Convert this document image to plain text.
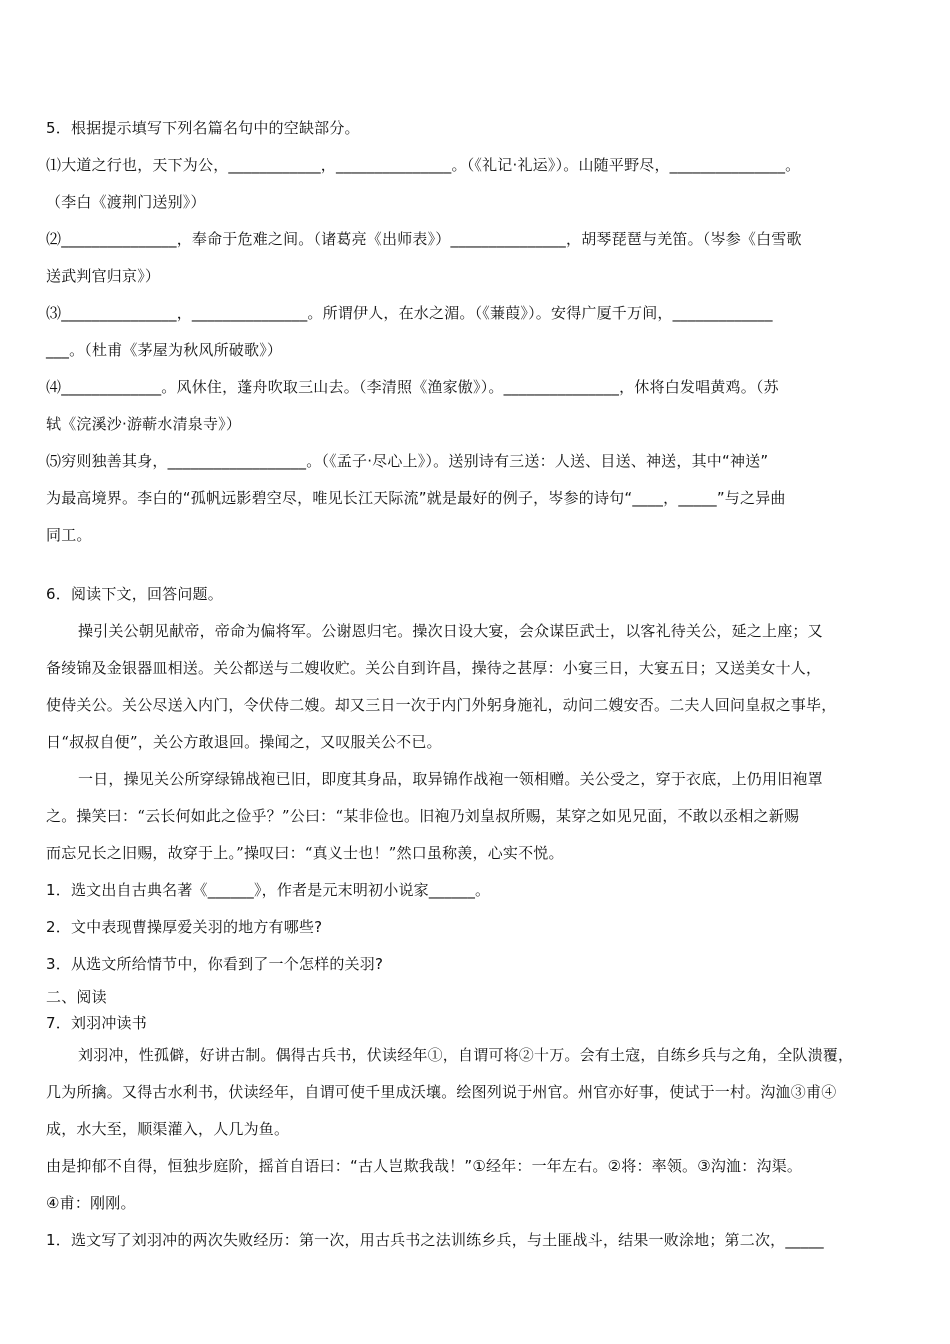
5．根据提示填写下列名篇名句中的空缺部分。

⑴大道之行也，天下为公，____________，_______________。（《礼记·礼运》）。山随平野尽，_______________。

（李白《渡荆门送别》）

⑵_______________，奉命于危难之间。（诸葛亮《出师表》）_______________，胡琴琵琶与羌笛。（岑参《白雪歌

送武判官归京》）

⑶_______________，_______________。所谓伊人，在水之湄。（《蒹葭》）。安得广厦千万间，_____________

___。（杜甫《茅屋为秋风所破歌》）

⑷_____________。风休住，蓬舟吹取三山去。（李清照《渔家傲》）。_______________，休将白发唱黄鸡。（苏

轼《浣溪沙·游蕲水清泉寺》）

⑸穷则独善其身，__________________。（《孟子·尽心上》）。送别诗有三送：人送、目送、神送，其中“神送”

为最高境界。李白的“孤帆远影碧空尽，唯见长江天际流”就是最好的例子，岑参的诗句“____，_____”与之异曲

同工。

6．阅读下文，回答问题。

操引关公朝见献帝，帝命为偏将军。公谢恩归宅。操次日设大宴，会众谋臣武士，以客礼待关公，延之上座；又

备绫锦及金银器皿相送。关公都送与二嫂收贮。关公自到许昌，操待之甚厚：小宴三日，大宴五日；又送美女十人，

使侍关公。关公尽送入内门，令伏侍二嫂。却又三日一次于内门外躬身施礼，动问二嫂安否。二夫人回问皇叔之事毕，

日“叔叔自便”，关公方敢退回。操闻之，又叹服关公不已。

一日，操见关公所穿绿锦战袍已旧，即度其身品，取异锦作战袍一领相赠。关公受之，穿于衣底，上仍用旧袍罩

之。操笑曰：“云长何如此之俭乎？”公曰：“某非俭也。旧袍乃刘皇叔所赐，某穿之如见兄面，不敢以丞相之新赐

而忘兄长之旧赐，故穿于上。”操叹曰：“真义士也！”然口虽称羡，心实不悦。

1．选文出自古典名著《______》，作者是元末明初小说家______。

2．文中表现曹操厚爱关羽的地方有哪些?

3．从选文所给情节中，你看到了一个怎样的关羽?

二、阅读

7．刘羽冲读书

刘羽冲，性孤僻，好讲古制。偶得古兵书，伏读经年①，自谓可将②十万。会有土寇，自练乡兵与之角，全队溃覆，

几为所擒。又得古水利书，伏读经年，自谓可使千里成沃壤。绘图列说于州官。州官亦好事，使试于一村。沟洫③甫④

成，水大至，顺渠灌入，人几为鱼。

由是抑郁不自得，恒独步庭阶，摇首自语曰：“古人岂欺我哉！”①经年：一年左右。②将：率领。③沟洫：沟渠。

④甫：刚刚。

1．选文写了刘羽冲的两次失败经历：第一次，用古兵书之法训练乡兵，与土匪战斗，结果一败涂地；第二次，_____
